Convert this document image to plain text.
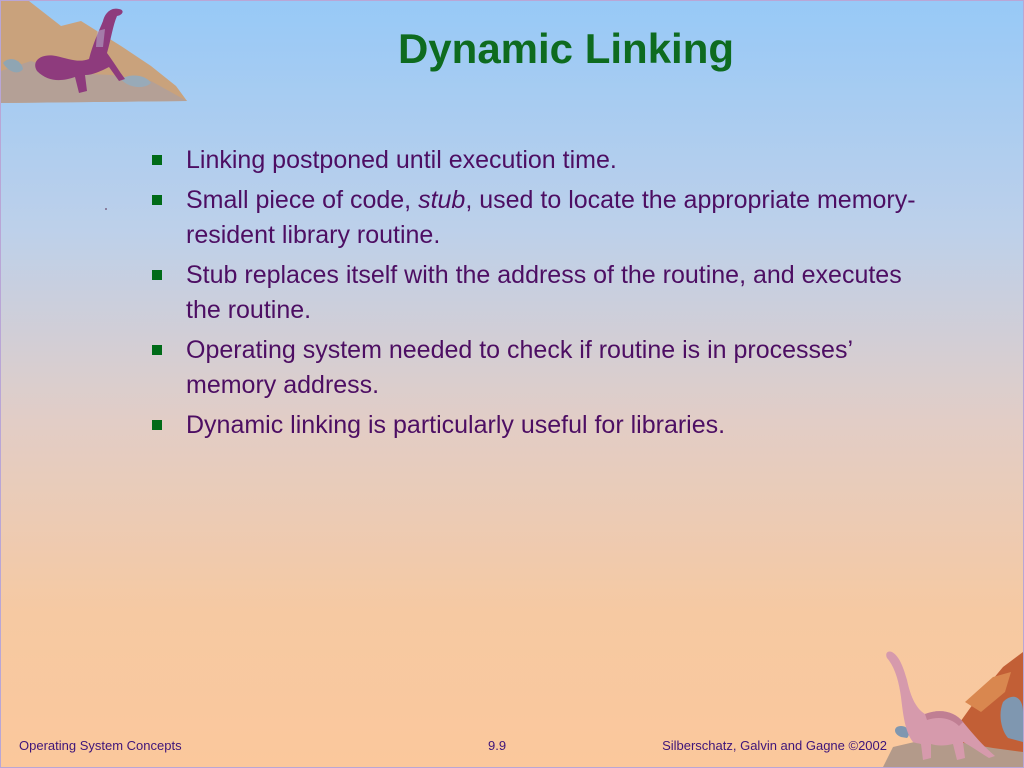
Dynamic Linking
Linking postponed until execution time.
Small piece of code, stub, used to locate the appropriate memory-resident library routine.
Stub replaces itself with the address of the routine, and executes the routine.
Operating system needed to check if routine is in processes’ memory address.
Dynamic linking is particularly useful for libraries.
Operating System Concepts	9.9	Silberschatz, Galvin and Gagne ©2002
